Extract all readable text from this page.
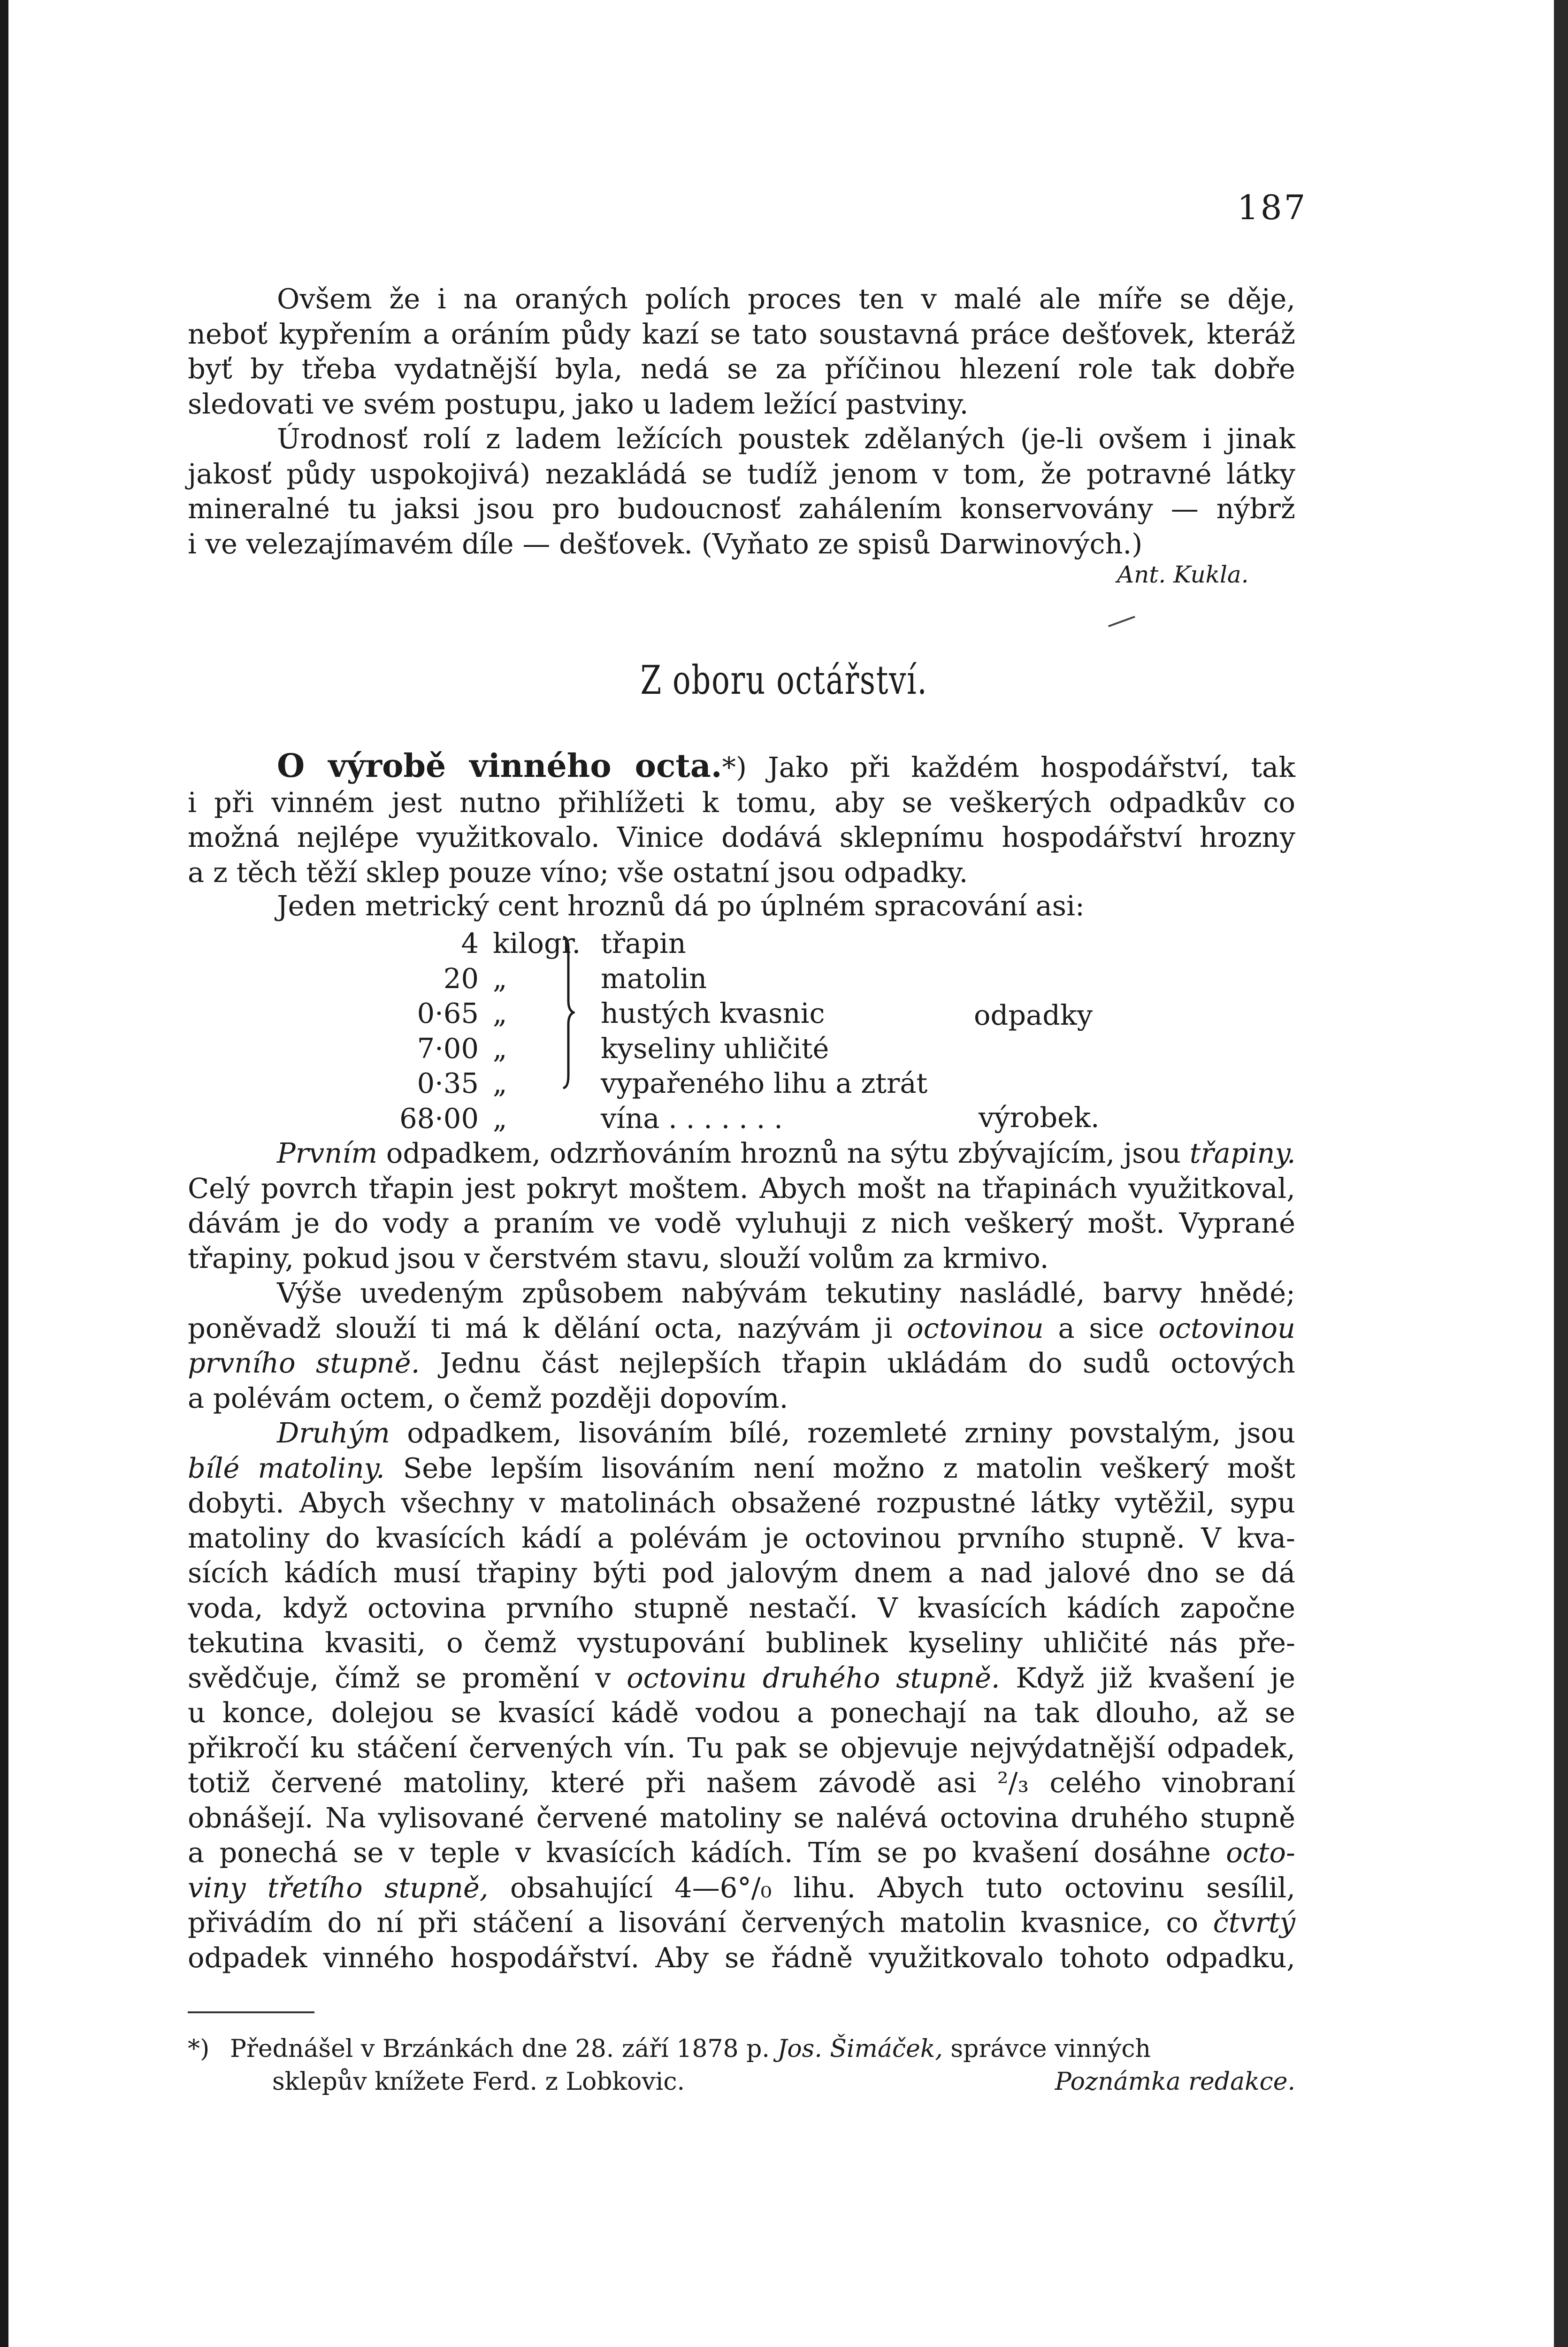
187
Ovšem že i na oraných polích proces ten v malé ale míře se děje,
neboť kypřením a oráním půdy kazí se tato soustavná práce dešťovek, kteráž
byť by třeba vydatnější byla, nedá se za příčinou hlezení role tak dobře
sledovati ve svém postupu, jako u ladem ležící pastviny.
Úrodnosť rolí z ladem ležících poustek zdělaných (je-li ovšem i jinak
jakosť půdy uspokojivá) nezakládá se tudíž jenom v tom, že potravné látky
mineralné tu jaksi jsou pro budoucnosť zahálením konservovány — nýbrž
i ve velezajímavém díle — dešťovek. (Vyňato ze spisů Darwinových.)
Ant. Kukla.
Z oboru octářství.
O výrobě vinného octa.*) Jako při každém hospodářství, tak
i při vinném jest nutno přihlížeti k tomu, aby se veškerých odpadkův co
možná nejlépe využitkovalo. Vinice dodává sklepnímu hospodářství hrozny
a z těch těží sklep pouze víno; vše ostatní jsou odpadky.
Jeden metrický cent hroznů dá po úplném spracování asi:
4 kilogr. třapin
20 „	matolin
0·65 „	hustých kvasnic
7·00 „	kyseliny uhličité
0·35 „	vypařeného lihu a ztrát
68·00 „	vína . . . . . . .
odpadky
výrobek.
Prvním odpadkem, odzrňováním hroznů na sýtu zbývajícím, jsou třapiny.
Celý povrch třapin jest pokryt moštem. Abych mošt na třapinách využitkoval,
dávám je do vody a praním ve vodě vyluhuji z nich veškerý mošt. Vyprané
třapiny, pokud jsou v čerstvém stavu, slouží volům za krmivo.
Výše uvedeným způsobem nabývám tekutiny nasládlé, barvy hnědé;
poněvadž slouží ti má k dělání octa, nazývám ji octovinou a sice octovinou
prvního stupně. Jednu část nejlepších třapin ukládám do sudů octových
a polévám octem, o čemž později dopovím.
Druhým odpadkem, lisováním bílé, rozemleté zrniny povstalým, jsou
bílé matoliny. Sebe lepším lisováním není možno z matolin veškerý mošt
dobyti. Abych všechny v matolinách obsažené rozpustné látky vytěžil, sypu
matoliny do kvasících kádí a polévám je octovinou prvního stupně. V kva-
sících kádích musí třapiny býti pod jalovým dnem a nad jalové dno se dá
voda, když octovina prvního stupně nestačí. V kvasících kádích započne
tekutina kvasiti, o čemž vystupování bublinek kyseliny uhličité nás pře-
svědčuje, čímž se promění v octovinu druhého stupně. Když již kvašení je
u konce, dolejou se kvasící kádě vodou a ponechají na tak dlouho, až se
přikročí ku stáčení červených vín. Tu pak se objevuje nejvýdatnější odpadek,
totiž červené matoliny, které při našem závodě asi ²/₃ celého vinobraní
obnášejí. Na vylisované červené matoliny se nalévá octovina druhého stupně
a ponechá se v teple v kvasících kádích. Tím se po kvašení dosáhne octo-
viny třetího stupně, obsahující 4—6°/₀ lihu. Abych tuto octovinu sesílil,
přivádím do ní při stáčení a lisování červených matolin kvasnice, co čtvrtý
odpadek vinného hospodářství. Aby se řádně využitkovalo tohoto odpadku,
*) Přednášel v Brzánkách dne 28. září 1878 p. Jos. Šimáček, správce vinných
sklepův knížete Ferd. z Lobkovic.	Poznámka redakce.
